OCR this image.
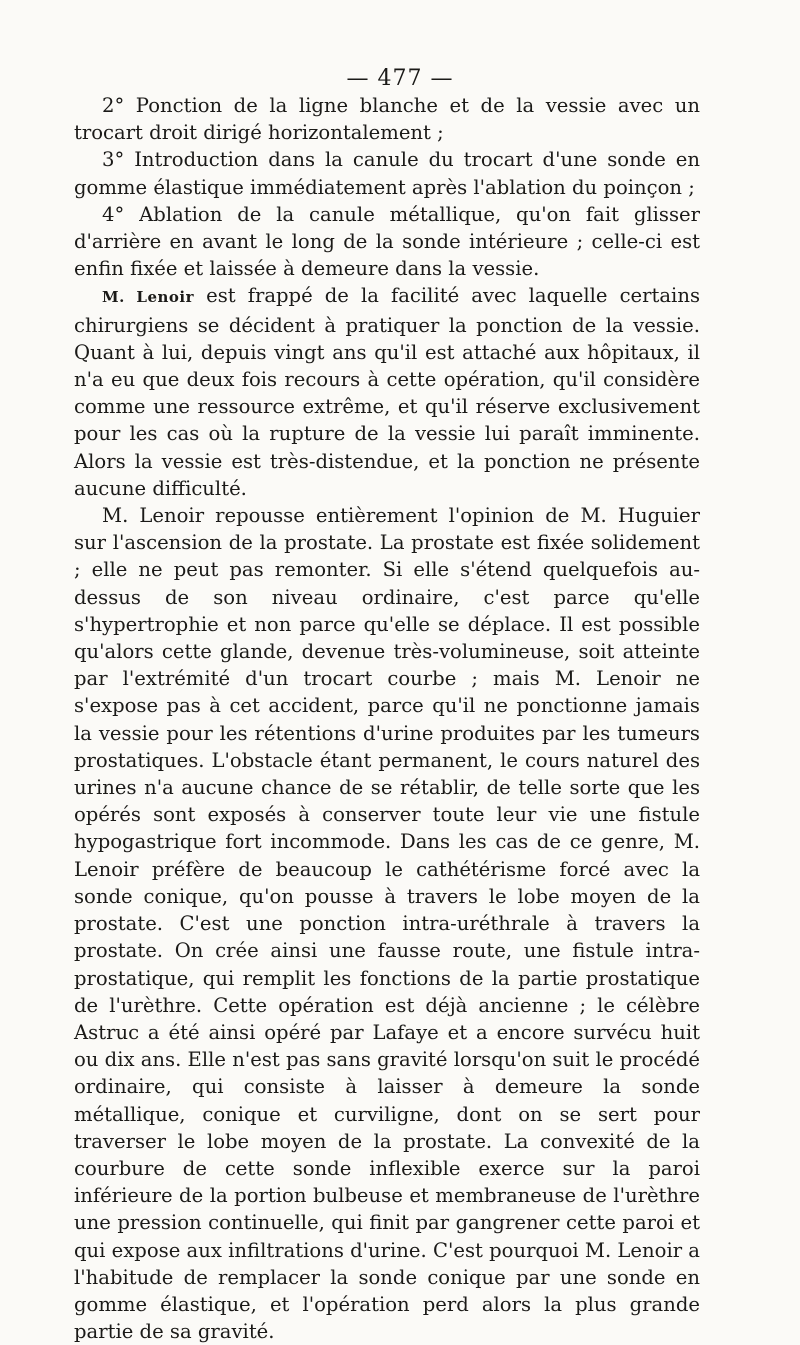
— 477 —

2° Ponction de la ligne blanche et de la vessie avec un trocart droit dirigé horizontalement ;

3° Introduction dans la canule du trocart d'une sonde en gomme élastique immédiatement après l'ablation du poinçon ;

4° Ablation de la canule métallique, qu'on fait glisser d'arrière en avant le long de la sonde intérieure ; celle-ci est enfin fixée et laissée à demeure dans la vessie.

M. Lenoir est frappé de la facilité avec laquelle certains chirurgiens se décident à pratiquer la ponction de la vessie. Quant à lui, depuis vingt ans qu'il est attaché aux hôpitaux, il n'a eu que deux fois recours à cette opération, qu'il considère comme une ressource extrême, et qu'il réserve exclusivement pour les cas où la rupture de la vessie lui paraît imminente. Alors la vessie est très-distendue, et la ponction ne présente aucune difficulté.

M. Lenoir repousse entièrement l'opinion de M. Huguier sur l'ascension de la prostate. La prostate est fixée solidement ; elle ne peut pas remonter. Si elle s'étend quelquefois au-dessus de son niveau ordinaire, c'est parce qu'elle s'hypertrophie et non parce qu'elle se déplace. Il est possible qu'alors cette glande, devenue très-volumineuse, soit atteinte par l'extrémité d'un trocart courbe ; mais M. Lenoir ne s'expose pas à cet accident, parce qu'il ne ponctionne jamais la vessie pour les rétentions d'urine produites par les tumeurs prostatiques. L'obstacle étant permanent, le cours naturel des urines n'a aucune chance de se rétablir, de telle sorte que les opérés sont exposés à conserver toute leur vie une fistule hypogastrique fort incommode. Dans les cas de ce genre, M. Lenoir préfère de beaucoup le cathétérisme forcé avec la sonde conique, qu'on pousse à travers le lobe moyen de la prostate. C'est une ponction intra-uréthrale à travers la prostate. On crée ainsi une fausse route, une fistule intra-prostatique, qui remplit les fonctions de la partie prostatique de l'urèthre. Cette opération est déjà ancienne ; le célèbre Astruc a été ainsi opéré par Lafaye et a encore survécu huit ou dix ans. Elle n'est pas sans gravité lorsqu'on suit le procédé ordinaire, qui consiste à laisser à demeure la sonde métallique, conique et curviligne, dont on se sert pour traverser le lobe moyen de la prostate. La convexité de la courbure de cette sonde inflexible exerce sur la paroi inférieure de la portion bulbeuse et membraneuse de l'urèthre une pression continuelle, qui finit par gangrener cette paroi et qui expose aux infiltrations d'urine. C'est pourquoi M. Lenoir a l'habitude de remplacer la sonde conique par une sonde en gomme élastique, et l'opération perd alors la plus grande partie de sa gravité.
